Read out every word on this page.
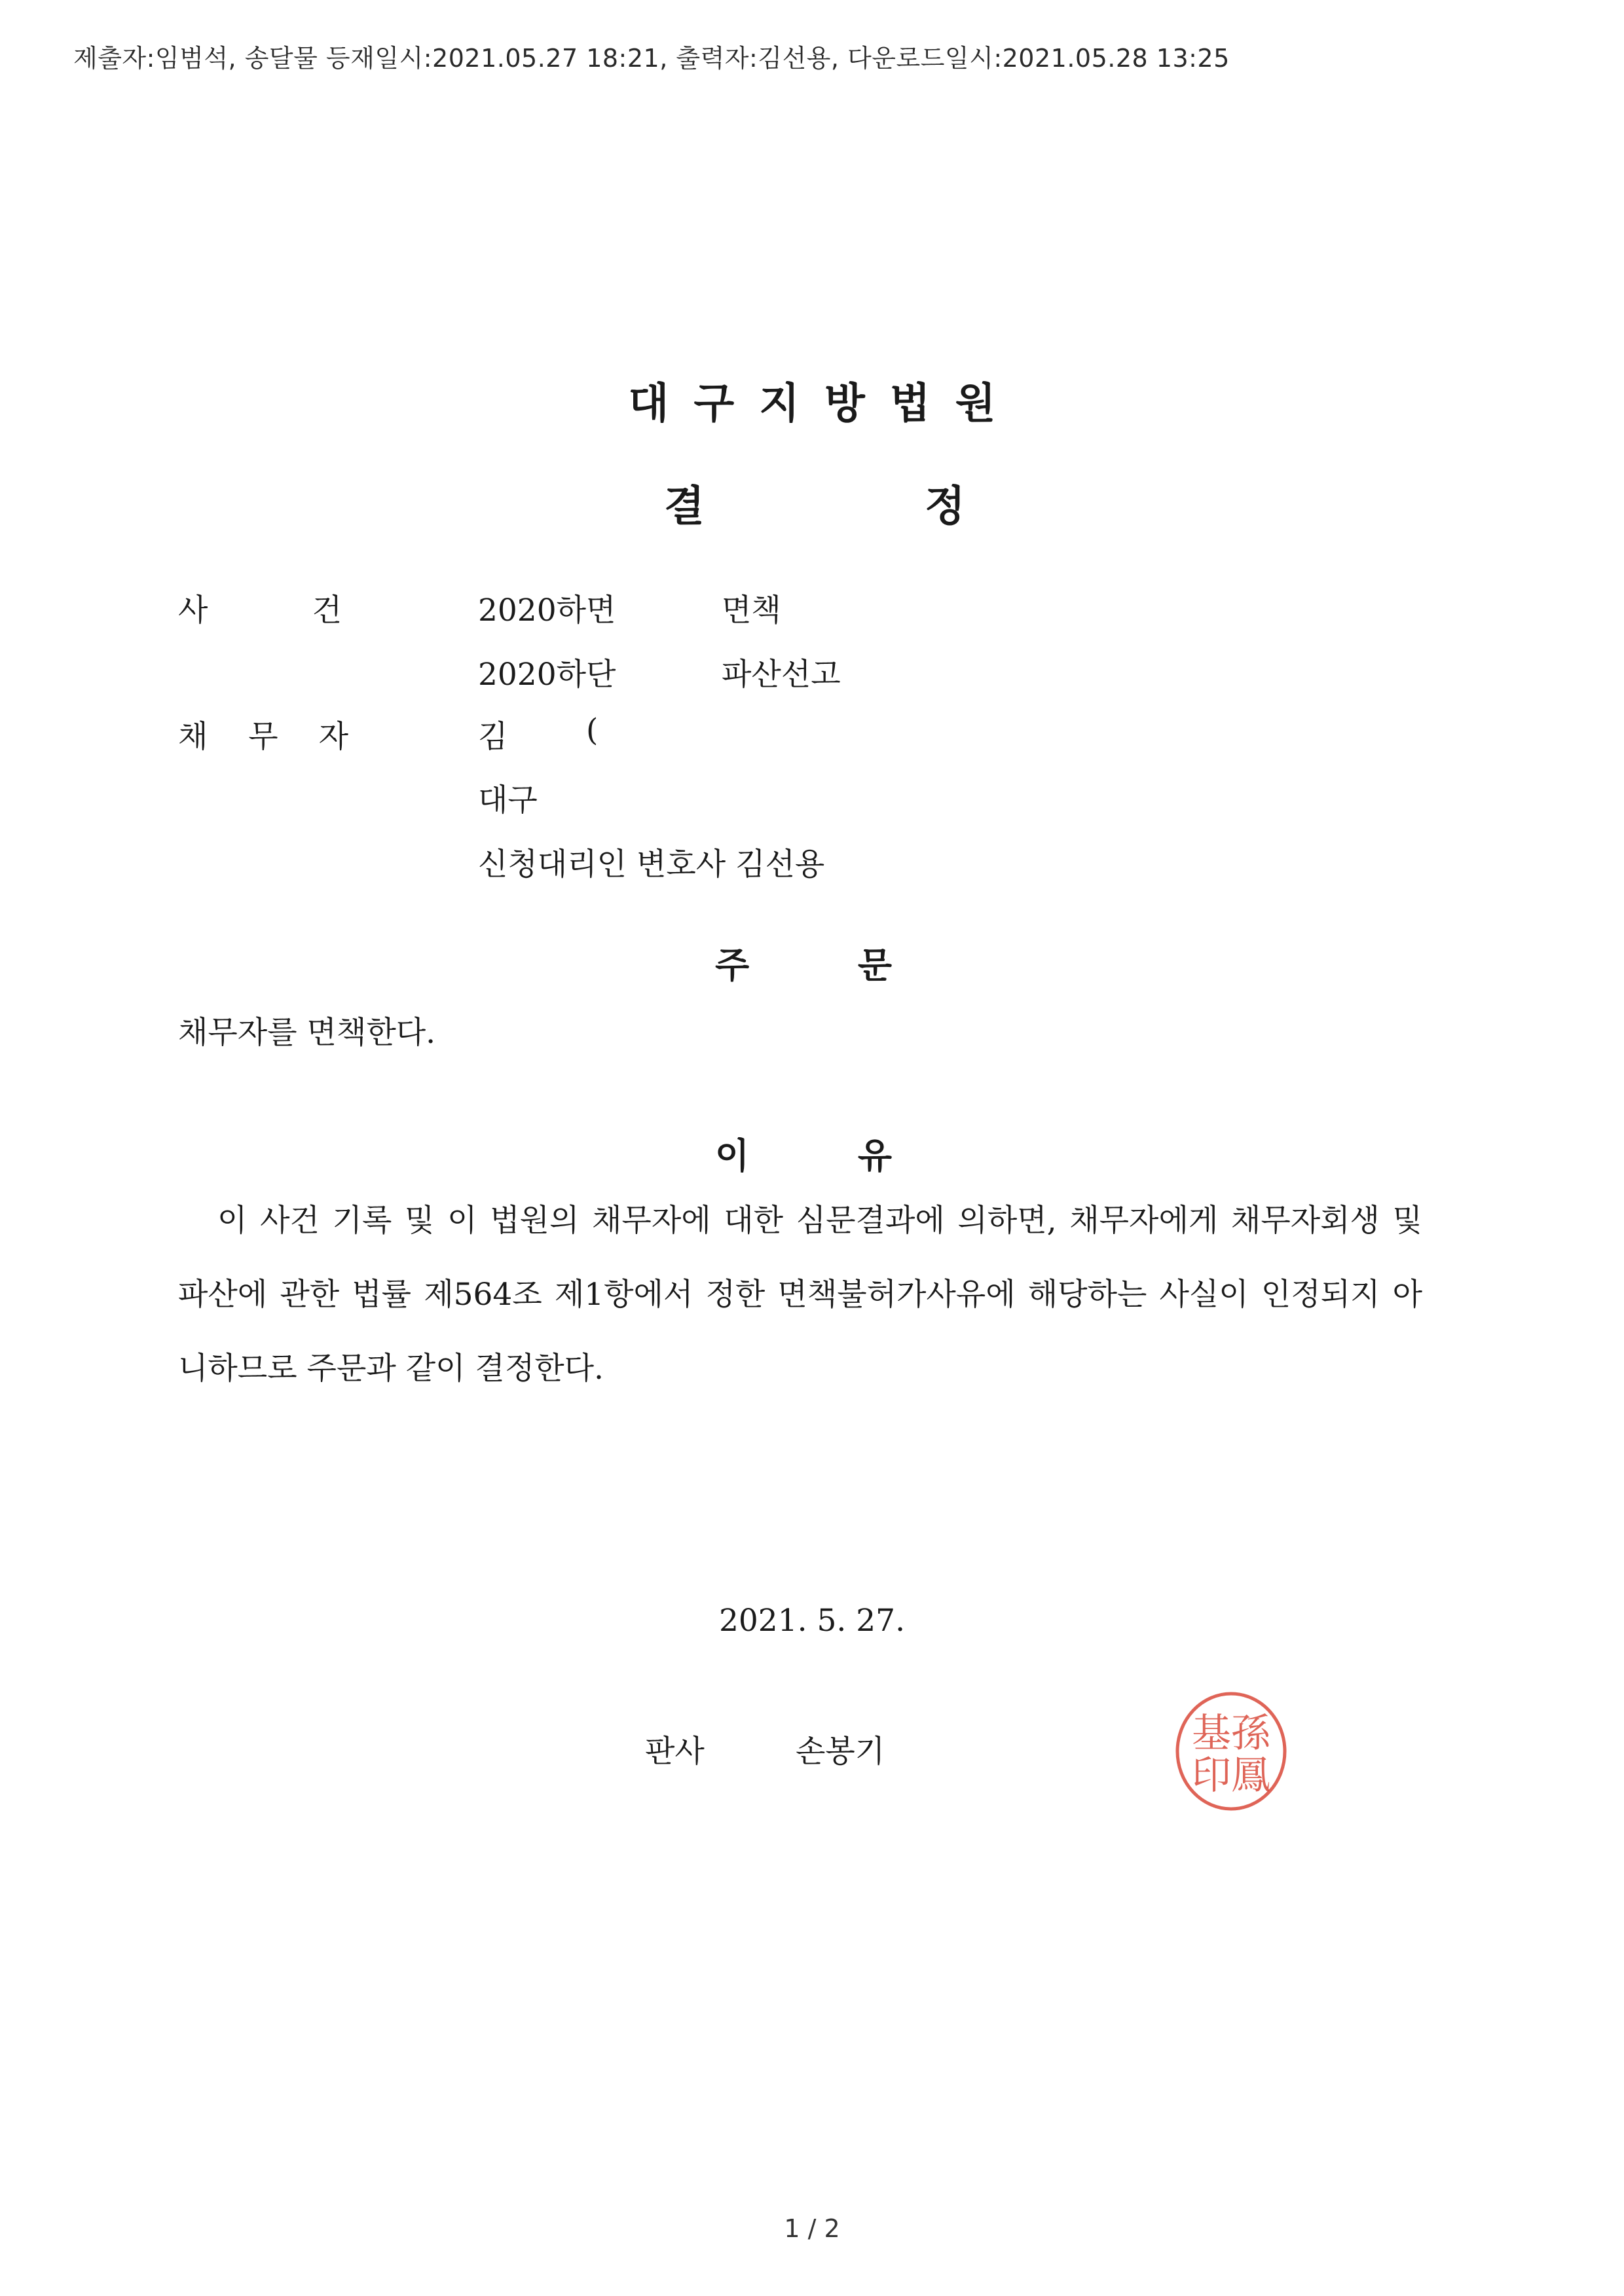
제출자:임범석, 송달물 등재일시:2021.05.27 18:21, 출력자:김선용, 다운로드일시:2021.05.28 13:25
대구지방법원
결	정
사	건	2020하면	면책
2020하단	파산선고
채 무 자	김	(
대구
신청대리인 변호사 김선용
주	문
채무자를 면책한다.
이	유
이 사건 기록 및 이 법원의 채무자에 대한 심문결과에 의하면, 채무자에게 채무자회생 및 파산에 관한 법률 제564조 제1항에서 정한 면책불허가사유에 해당하는 사실이 인정되지 아니하므로 주문과 같이 결정한다.
2021. 5. 27.
판사	손봉기	基孫
印鳳
1 / 2
